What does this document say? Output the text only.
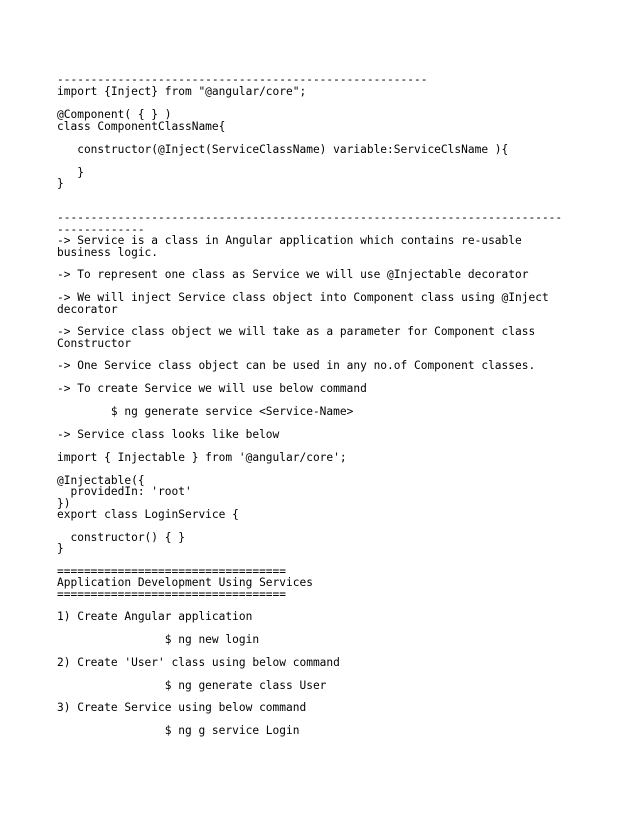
-------------------------------------------------------
import {Inject} from "@angular/core";
@Component( { } )
class ComponentClassName{
constructor(@Inject(ServiceClassName) variable:ServiceClsName ){
}
}
---------------------------------------------------------------------------
-------------
-> Service is a class in Angular application which contains re-usable
business logic.
-> To represent one class as Service we will use @Injectable decorator
-> We will inject Service class object into Component class using @Inject
decorator
-> Service class object we will take as a parameter for Component class
Constructor
-> One Service class object can be used in any no.of Component classes.
-> To create Service we will use below command
$ ng generate service <Service-Name>
-> Service class looks like below
import { Injectable } from '@angular/core';
@Injectable({
providedIn: 'root'
})
export class LoginService {
constructor() { }
}
==================================
Application Development Using Services
==================================
1) Create Angular application
$ ng new login
2) Create 'User' class using below command
$ ng generate class User
3) Create Service using below command
$ ng g service Login
